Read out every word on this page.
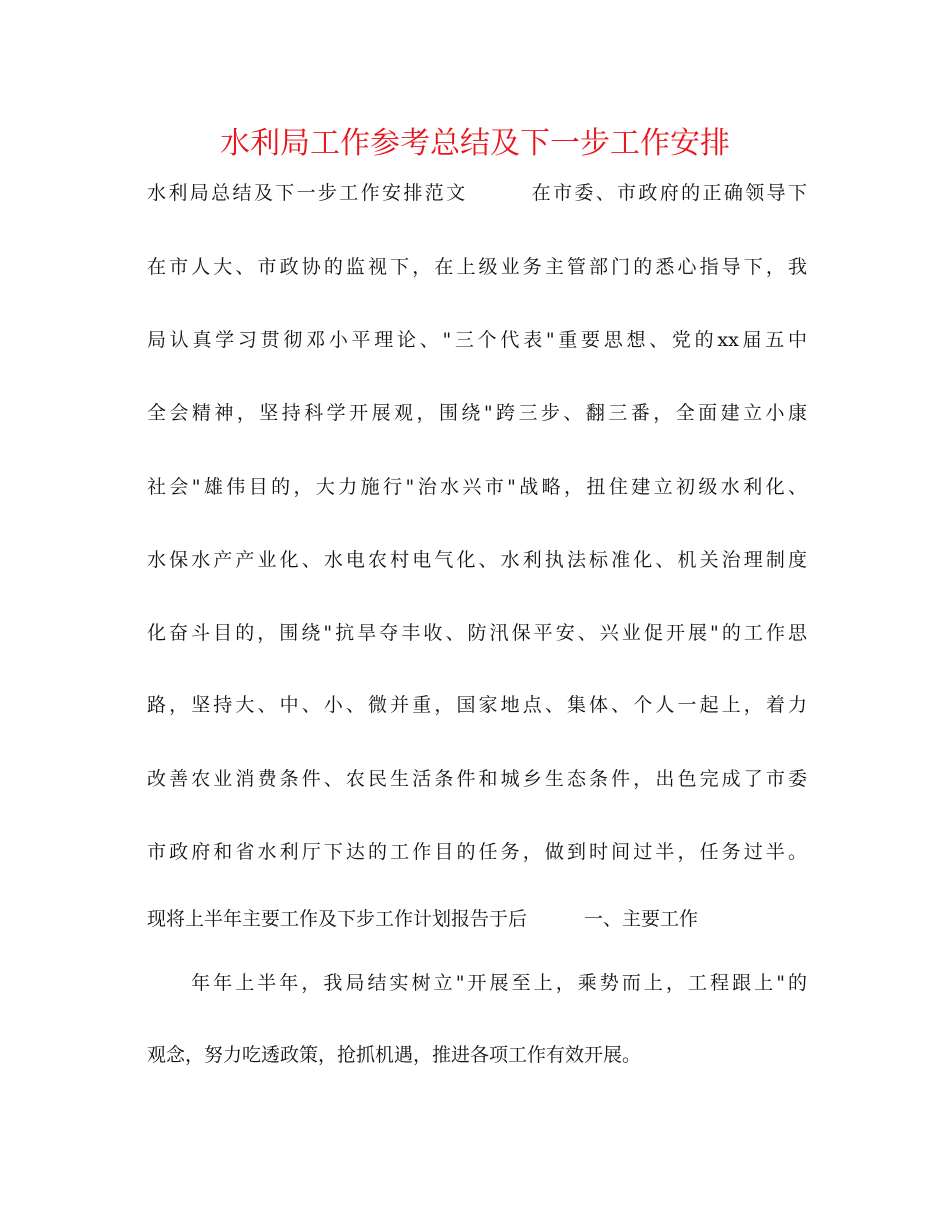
水利局工作参考总结及下一步工作安排
水利局总结及下一步工作安排范文　　　在市委、市政府的正确领导下
在市人大、市政协的监视下，在上级业务主管部门的悉心指导下，我
局认真学习贯彻邓小平理论、"三个代表"重要思想、党的xx届五中
全会精神，坚持科学开展观，围绕"跨三步、翻三番，全面建立小康
社会"雄伟目的，大力施行"治水兴市"战略，扭住建立初级水利化、
水保水产产业化、水电农村电气化、水利执法标准化、机关治理制度
化奋斗目的，围绕"抗旱夺丰收、防汛保平安、兴业促开展"的工作思
路，坚持大、中、小、微并重，国家地点、集体、个人一起上，着力
改善农业消费条件、农民生活条件和城乡生态条件，出色完成了市委
市政府和省水利厅下达的工作目的任务，做到时间过半，任务过半。
现将上半年主要工作及下步工作计划报告于后　　　一、主要工作
　　年年上半年，我局结实树立"开展至上，乘势而上，工程跟上"的
观念，努力吃透政策，抢抓机遇，推进各项工作有效开展。
